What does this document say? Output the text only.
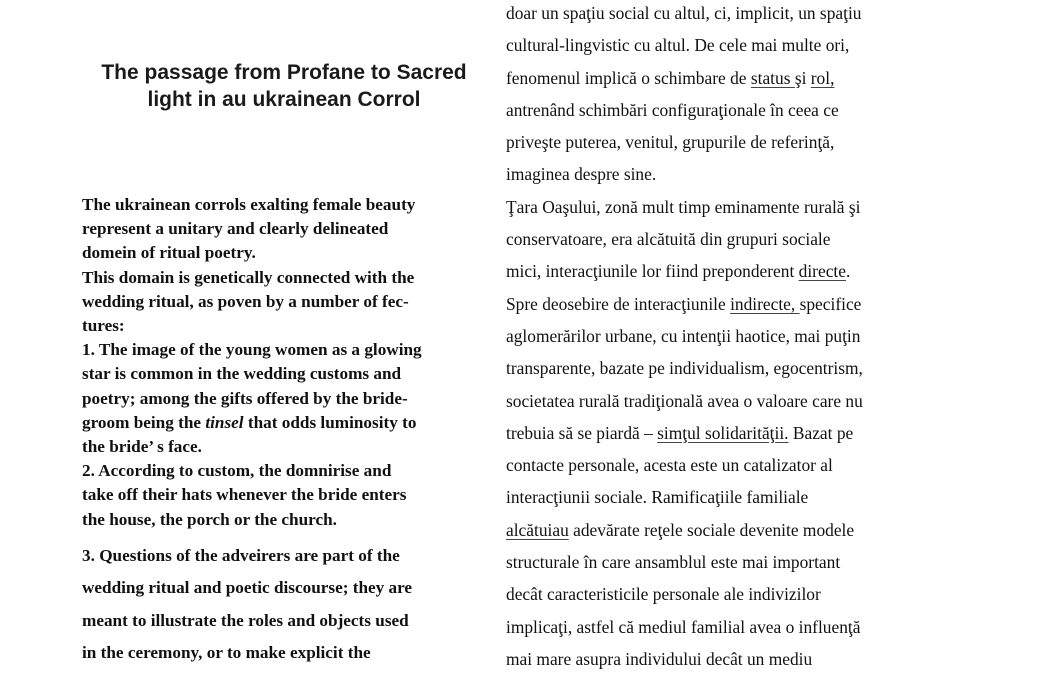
The passage from Profane to Sacred
light in au ukrainean Corrol
The ukrainean corrols exalting female beauty
represent a unitary and clearly delineated
domein of ritual poetry.
This domain is genetically connected with the
wedding ritual, as poven by a number of fec-
tures:
1. The image of the young women as a glowing
star is common in the wedding customs and
poetry; among the gifts offered by the bride-
groom being the tinsel that odds luminosity to
the bride’ s face.
2. According to custom, the domnirise and
take off their hats whenever the bride enters
the house, the porch or the church.
3. Questions of the adveirers are part of the
wedding ritual and poetic discourse; they are
meant to illustrate the roles and objects used
in the ceremony, or to make explicit the
doar un spaţiu social cu altul, ci, implicit, un spaţiu
cultural-lingvistic cu altul. De cele mai multe ori,
fenomenul implică o schimbare de status şi rol,
antrenând schimbări configuraţionale în ceea ce
priveşte puterea, venitul, grupurile de referinţă,
imaginea despre sine.
Ţara Oaşului, zonă mult timp eminamente rurală şi
conservatoare, era alcătuită din grupuri sociale
mici, interacţiunile lor fiind preponderent directe.
Spre deosebire de interacţiunile indirecte, specifice
aglomerărilor urbane, cu intenţii haotice, mai puţin
transparente, bazate pe individualism, egocentrism,
societatea rurală tradiţională avea o valoare care nu
trebuia să se piardă – simţul solidarităţii. Bazat pe
contacte personale, acesta este un catalizator al
interacţiunii sociale. Ramificaţiile familiale
alcătuiau adevărate reţele sociale devenite modele
structurale în care ansamblul este mai important
decât caracteristicile personale ale indivizilor
implicaţi, astfel că mediul familial avea o influenţă
mai mare asupra individului decât un mediu
